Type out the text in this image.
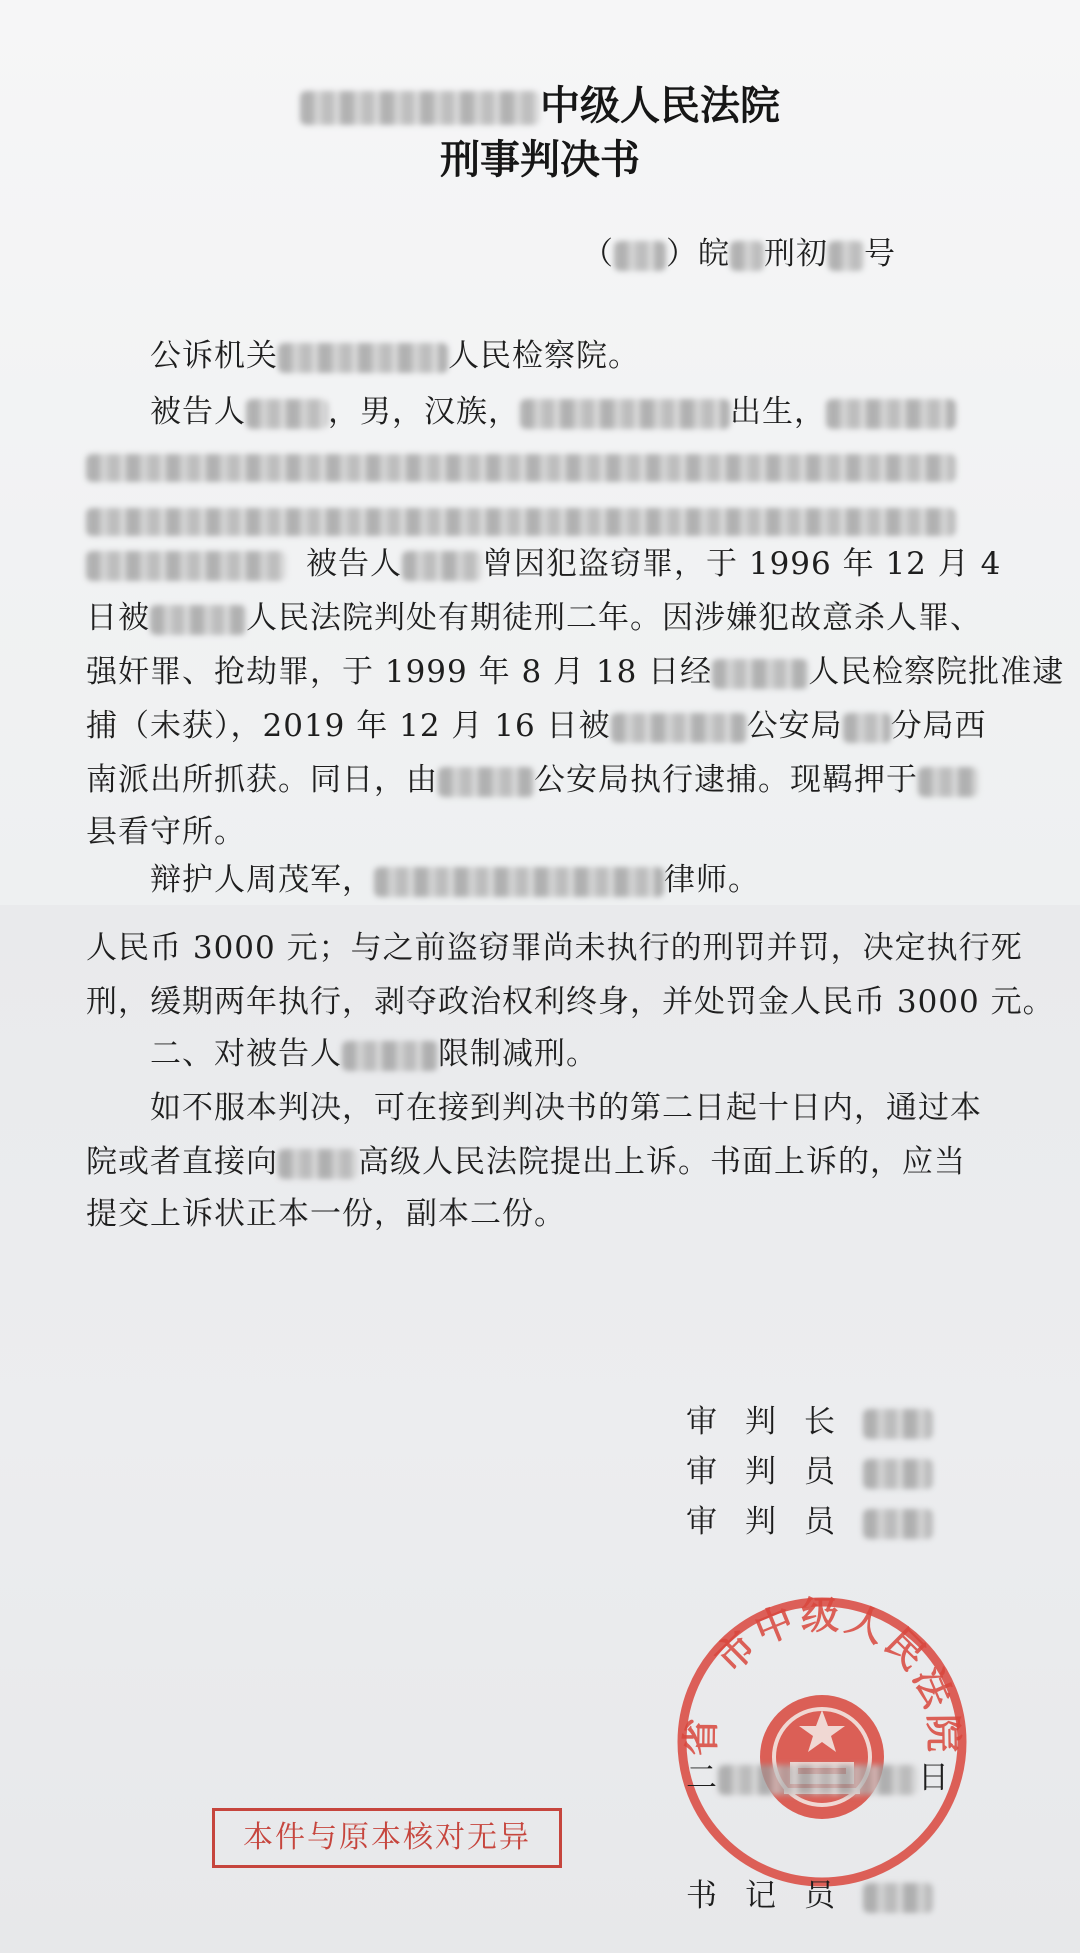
中级人民法院
刑事判决书
（ ）皖 刑初 号
公诉机关	人民检察院。
被告人	，男，汉族，	出生，
被告人	曾因犯盗窃罪，于 1996 年 12 月 4
日被	人民法院判处有期徒刑二年。因涉嫌犯故意杀人罪、
强奸罪、抢劫罪，于 1999 年 8 月 18 日经	人民检察院批准逮
捕（未获），2019 年 12 月 16 日被	公安局 分局西
南派出所抓获。同日，由	公安局执行逮捕。现羁押于
县看守所。
辩护人周茂军，	律师。
人民币 3000 元；与之前盗窃罪尚未执行的刑罚并罚，决定执行死
刑，缓期两年执行，剥夺政治权利终身，并处罚金人民币 3000 元。
二、对被告人	限制减刑。
如不服本判决，可在接到判决书的第二日起十日内，通过本
院或者直接向	高级人民法院提出上诉。书面上诉的，应当
提交上诉状正本一份，副本二份。
审判长
审判员
审判员
省　市中级人民法院
二	日
本件与原本核对无异
书记员
